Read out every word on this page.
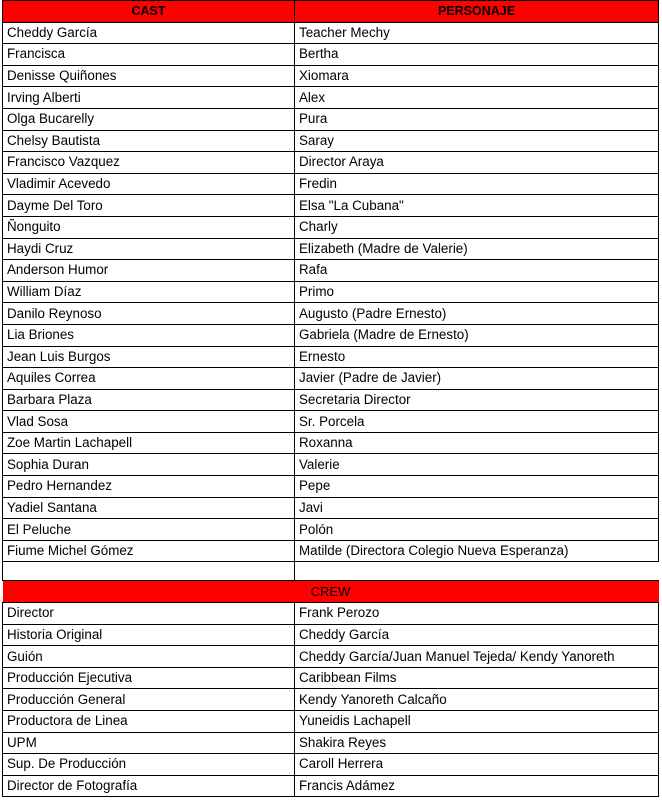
CAST	PERSONAJE
Cheddy García	Teacher Mechy
Francisca	Bertha
Denisse Quiñones	Xiomara
Irving Alberti	Alex
Olga Bucarelly	Pura
Chelsy Bautista	Saray
Francisco Vazquez	Director Araya
Vladimir Acevedo	Fredin
Dayme Del Toro	Elsa "La Cubana"
Ñonguito	Charly
Haydi Cruz	Elizabeth (Madre de Valerie)
Anderson Humor	Rafa
William Díaz	Primo
Danilo Reynoso	Augusto (Padre Ernesto)
Lia Briones	Gabriela (Madre de Ernesto)
Jean Luis Burgos	Ernesto
Aquiles Correa	Javier (Padre de Javier)
Barbara Plaza	Secretaria Director
Vlad Sosa	Sr. Porcela
Zoe Martin Lachapell	Roxanna
Sophia Duran	Valerie
Pedro Hernandez	Pepe
Yadiel Santana	Javi
El Peluche	Polón
Fiume Michel Gómez	Matilde (Directora Colegio Nueva Esperanza)

CREW	
Director	Frank Perozo
Historia Original	Cheddy García
Guión	Cheddy García/Juan Manuel Tejeda/ Kendy Yanoreth
Producción Ejecutiva	Caribbean Films
Producción General	Kendy Yanoreth Calcaño
Productora de Linea	Yuneidis Lachapell
UPM	Shakira Reyes
Sup. De Producción	Caroll Herrera
Director de Fotografía	Francis Adámez
